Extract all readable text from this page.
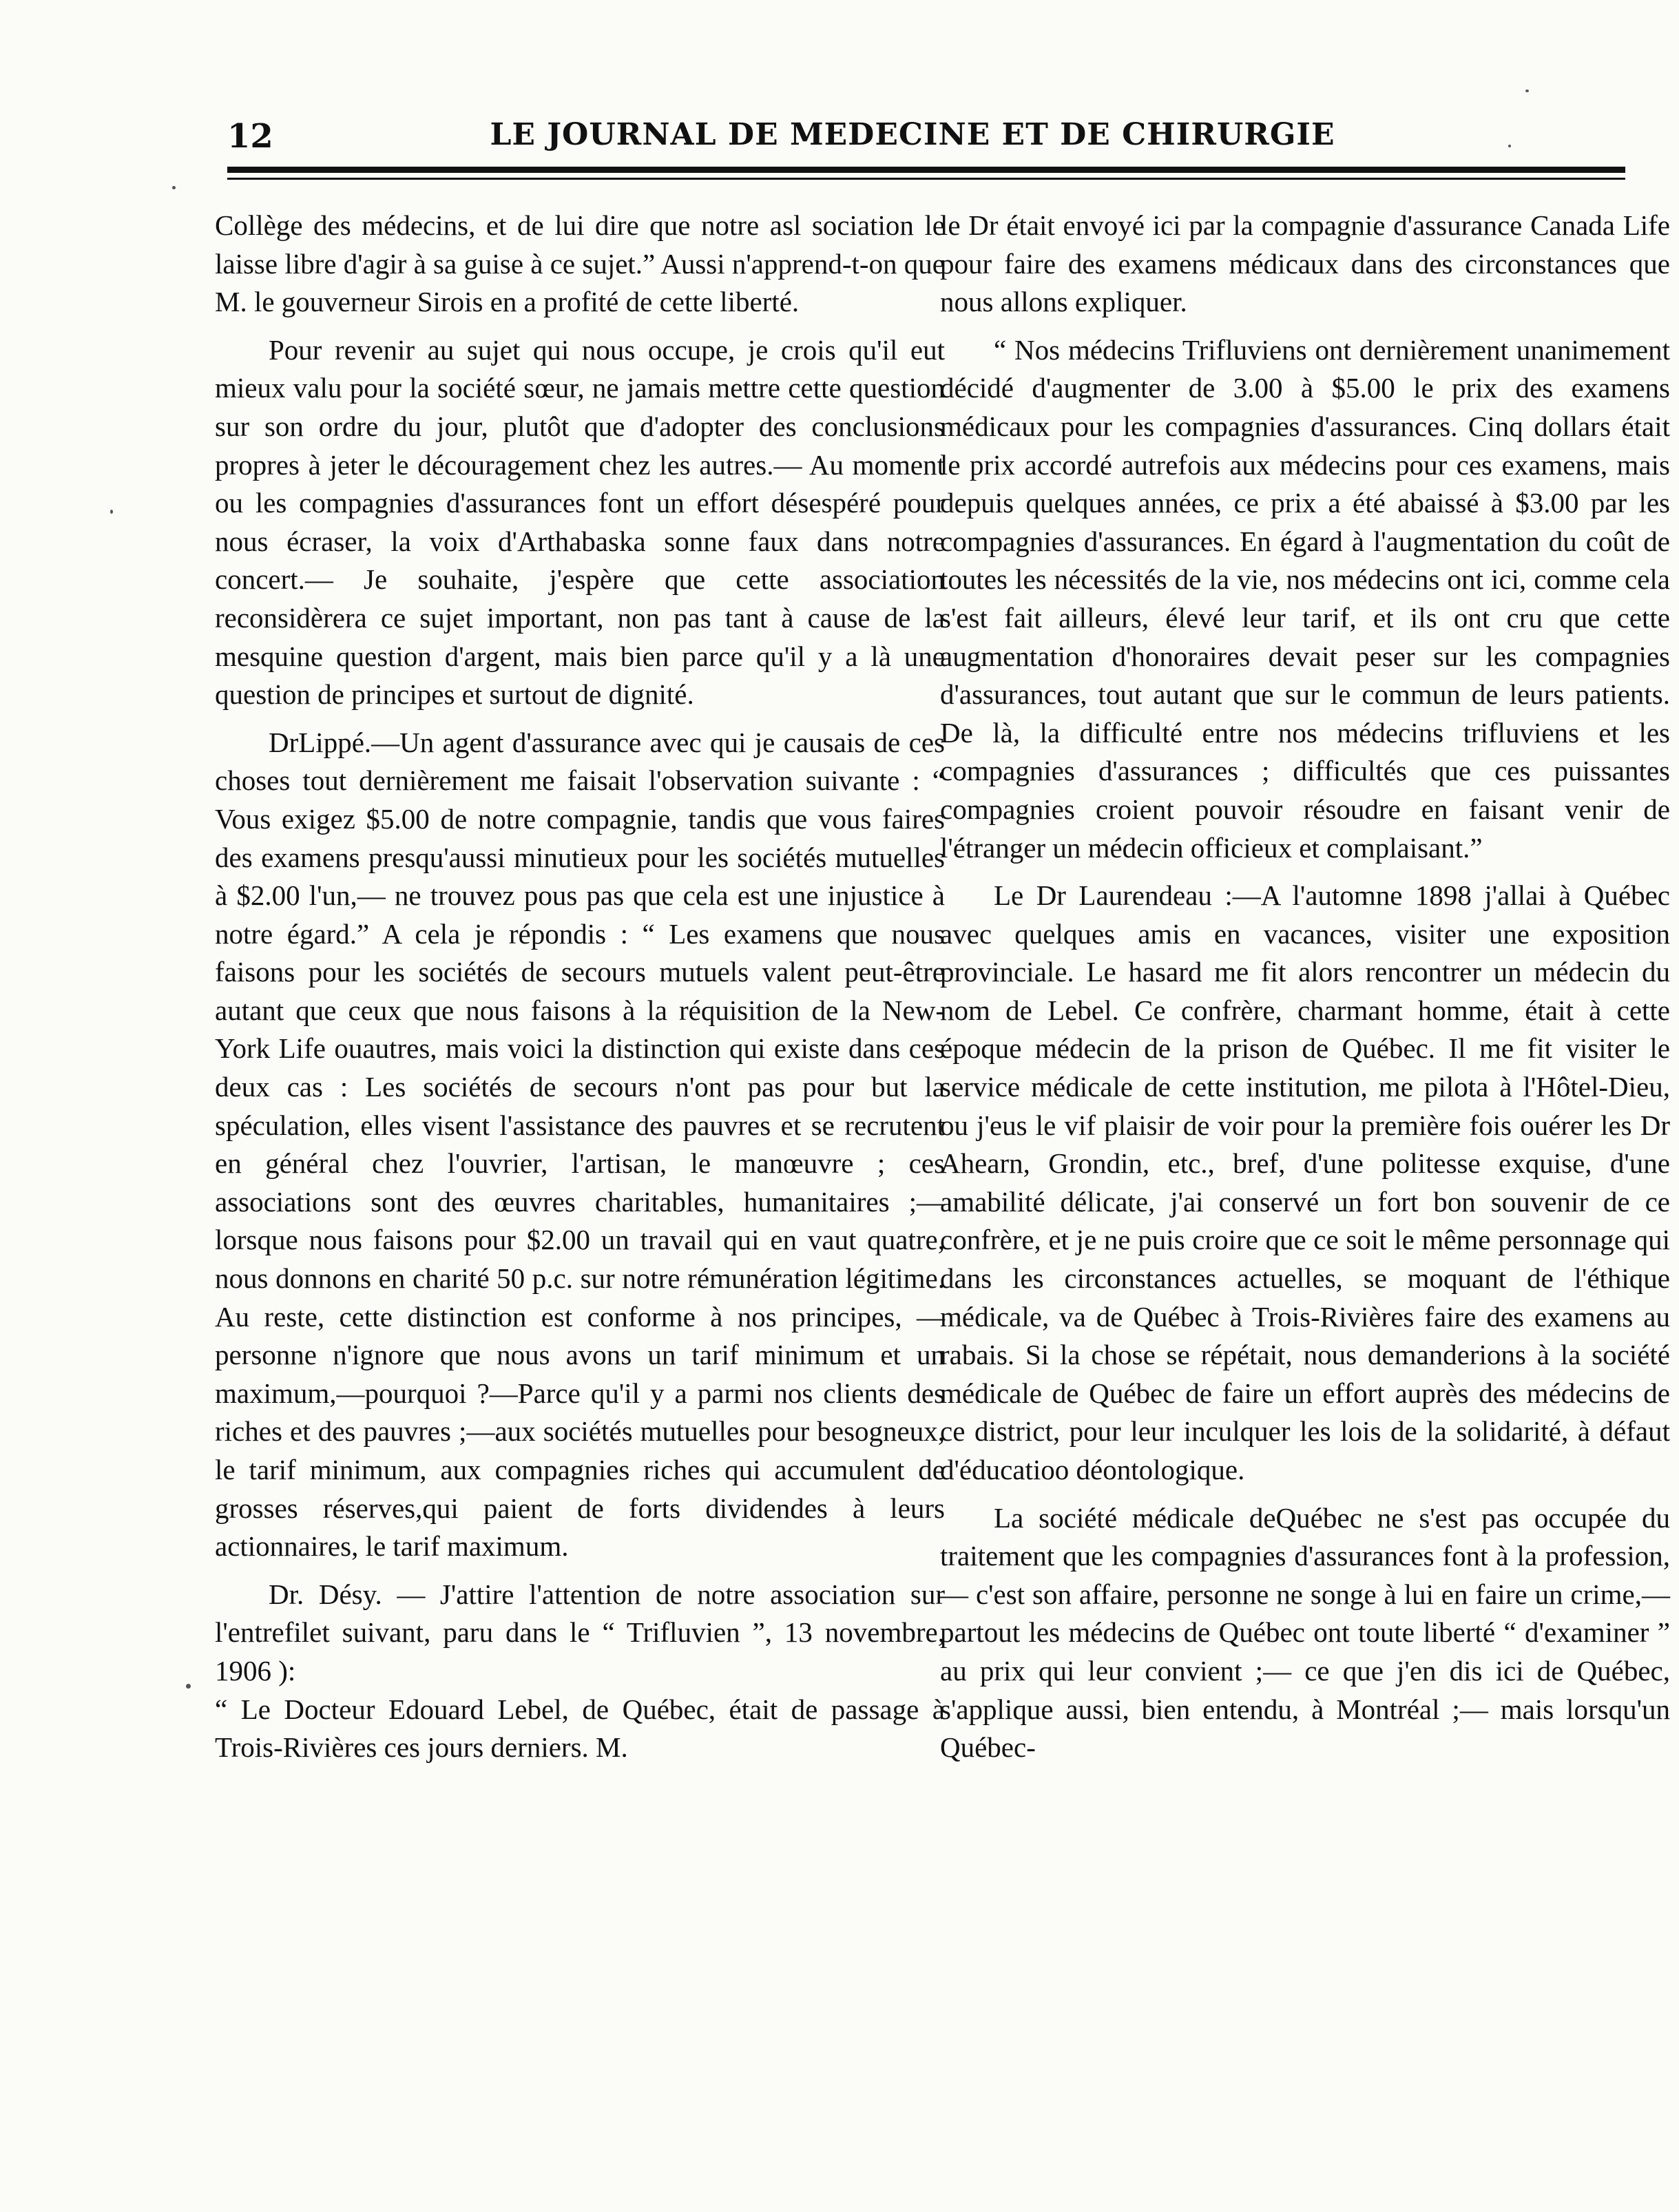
12	LE JOURNAL DE MEDECINE ET DE CHIRURGIE

Collège des médecins, et de lui dire que notre asl sociation le laisse libre d'agir à sa guise à ce sujet.” Aussi n'apprend-t-on que M. le gouverneur Sirois en a profité de cette liberté.

Pour revenir au sujet qui nous occupe, je crois qu'il eut mieux valu pour la société sœur, ne jamais mettre cette question sur son ordre du jour, plutôt que d'adopter des conclusions propres à jeter le découragement chez les autres.— Au moment ou les compagnies d'assurances font un effort désespéré pour nous écraser, la voix d'Arthabaska sonne faux dans notre concert.— Je souhaite, j'espère que cette association reconsidèrera ce sujet important, non pas tant à cause de la mesquine question d'argent, mais bien parce qu'il y a là une question de principes et surtout de dignité.

DrLippé.—Un agent d'assurance avec qui je causais de ces choses tout dernièrement me faisait l'observation suivante : “ Vous exigez $5.00 de notre compagnie, tandis que vous faires des examens presqu'aussi minutieux pour les sociétés mutuelles à $2.00 l'un,— ne trouvez pous pas que cela est une injustice à notre égard.” A cela je répondis : “ Les examens que nous faisons pour les sociétés de secours mutuels valent peut-être autant que ceux que nous faisons à la réquisition de la New-York Life ouautres, mais voici la distinction qui existe dans ces deux cas : Les sociétés de secours n'ont pas pour but la spéculation, elles visent l'assistance des pauvres et se recrutent en général chez l'ouvrier, l'artisan, le manœuvre ; ces associations sont des œuvres charitables, humanitaires ;—lorsque nous faisons pour $2.00 un travail qui en vaut quatre, nous donnons en charité 50 p.c. sur notre rémunération légitime. Au reste, cette distinction est conforme à nos principes, — personne n'ignore que nous avons un tarif minimum et un maximum,—pourquoi ?—Parce qu'il y a parmi nos clients des riches et des pauvres ;—aux sociétés mutuelles pour besogneux, le tarif minimum, aux compagnies riches qui accumulent de grosses réserves,qui paient de forts dividendes à leurs actionnaires, le tarif maximum.

Dr. Désy. — J'attire l'attention de notre association sur l'entrefilet suivant, paru dans le “ Trifluvien ”, 13 novembre, 1906 ):

“ Le Docteur Edouard Lebel, de Québec, était de passage à Trois-Rivières ces jours derniers. M.

le Dr était envoyé ici par la compagnie d'assurance Canada Life pour faire des examens médicaux dans des circonstances que nous allons expliquer.

“ Nos médecins Trifluviens ont dernièrement unanimement décidé d'augmenter de 3.00 à $5.00 le prix des examens médicaux pour les compagnies d'assurances. Cinq dollars était le prix accordé autrefois aux médecins pour ces examens, mais depuis quelques années, ce prix a été abaissé à $3.00 par les compagnies d'assurances. En égard à l'augmentation du coût de toutes les nécessités de la vie, nos médecins ont ici, comme cela s'est fait ailleurs, élevé leur tarif, et ils ont cru que cette augmentation d'honoraires devait peser sur les compagnies d'assurances, tout autant que sur le commun de leurs patients. De là, la difficulté entre nos médecins trifluviens et les compagnies d'assurances ; difficultés que ces puissantes compagnies croient pouvoir résoudre en faisant venir de l'étranger un médecin officieux et complaisant.”

Le Dr Laurendeau :—A l'automne 1898 j'allai à Québec avec quelques amis en vacances, visiter une exposition provinciale. Le hasard me fit alors rencontrer un médecin du nom de Lebel. Ce confrère, charmant homme, était à cette époque médecin de la prison de Québec. Il me fit visiter le service médicale de cette institution, me pilota à l'Hôtel-Dieu, ou j'eus le vif plaisir de voir pour la première fois ouérer les Dr Ahearn, Grondin, etc., bref, d'une politesse exquise, d'une amabilité délicate, j'ai conservé un fort bon souvenir de ce confrère, et je ne puis croire que ce soit le même personnage qui dans les circonstances actuelles, se moquant de l'éthique médicale, va de Québec à Trois-Rivières faire des examens au rabais. Si la chose se répétait, nous demanderions à la société médicale de Québec de faire un effort auprès des médecins de ce district, pour leur inculquer les lois de la solidarité, à défaut d'éducatioo déontologique.

La société médicale deQuébec ne s'est pas occupée du traitement que les compagnies d'assurances font à la profession, — c'est son affaire, personne ne songe à lui en faire un crime,— partout les médecins de Québec ont toute liberté “ d'examiner ” au prix qui leur convient ;— ce que j'en dis ici de Québec, s'applique aussi, bien entendu, à Montréal ;— mais lorsqu'un Québec-
